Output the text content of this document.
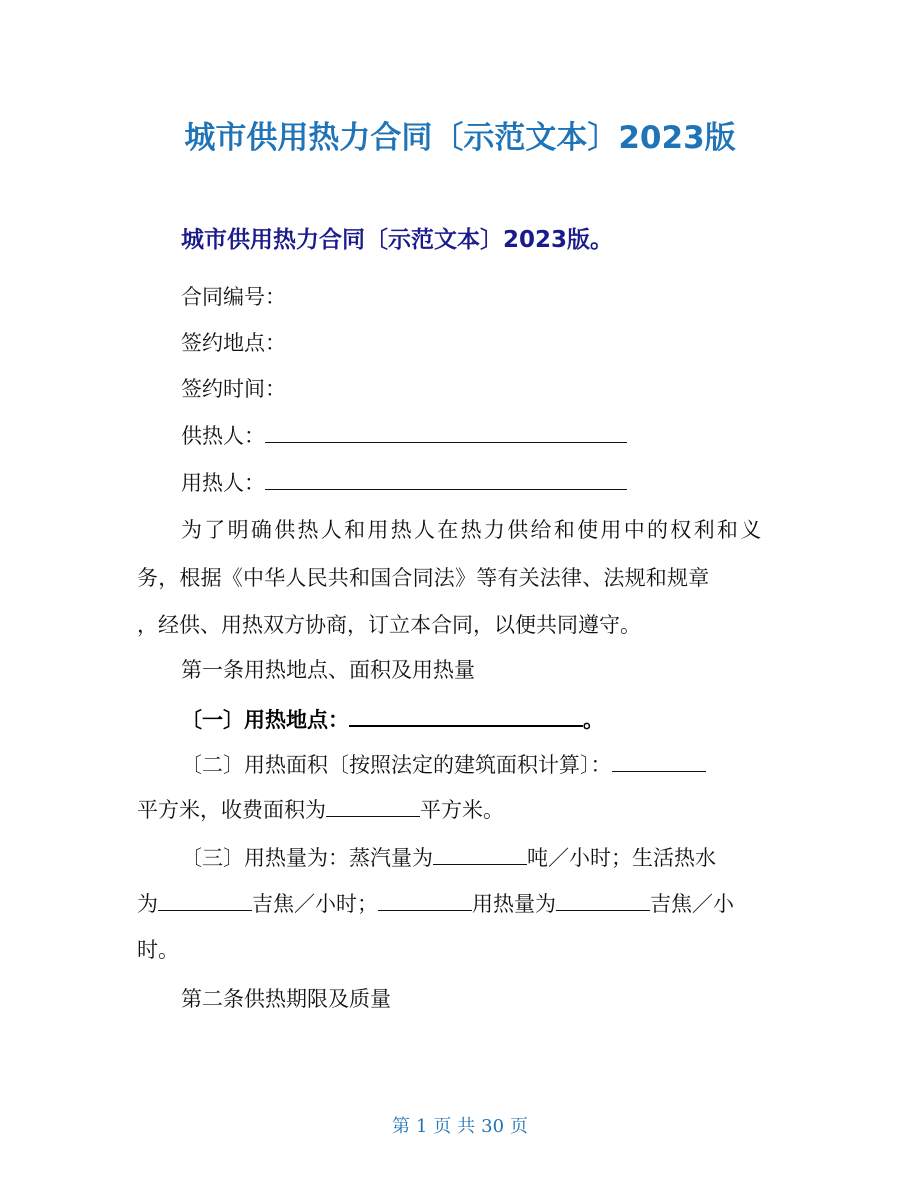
城市供用热力合同〔示范文本〕2023版
城市供用热力合同〔示范文本〕2023版。
合同编号：
签约地点：
签约时间：
供热人：
用热人：
为了明确供热人和用热人在热力供给和使用中的权利和义
务，根据《中华人民共和国合同法》等有关法律、法规和规章
，经供、用热双方协商，订立本合同，以便共同遵守。
第一条用热地点、面积及用热量
〔一〕用热地点：	。
〔二〕用热面积〔按照法定的建筑面积计算〕：
平方米，收费面积为	平方米。
〔三〕用热量为：蒸汽量为	吨／小时；生活热水
为	吉焦／小时；	用热量为	吉焦／小
时。
第二条供热期限及质量
第 1 页 共 30 页
